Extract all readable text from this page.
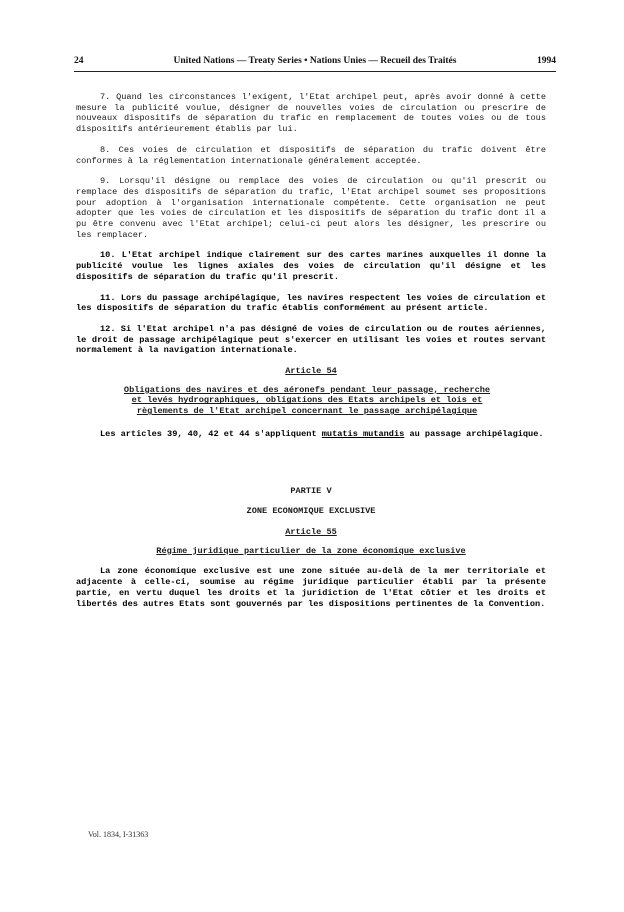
24	United Nations — Treaty Series • Nations Unies — Recueil des Traités	1994

7. Quand les circonstances l'exigent, l'Etat archipel peut, après avoir donné à cette mesure la publicité voulue, désigner de nouvelles voies de circulation ou prescrire de nouveaux dispositifs de séparation du trafic en remplacement de toutes voies ou de tous dispositifs antérieurement établis par lui.

8. Ces voies de circulation et dispositifs de séparation du trafic doivent être conformes à la réglementation internationale généralement acceptée.

9. Lorsqu'il désigne ou remplace des voies de circulation ou qu'il prescrit ou remplace des dispositifs de séparation du trafic, l'Etat archipel soumet ses propositions pour adoption à l'organisation internationale compétente. Cette organisation ne peut adopter que les voies de circulation et les dispositifs de séparation du trafic dont il a pu être convenu avec l'Etat archipel; celui-ci peut alors les désigner, les prescrire ou les remplacer.

10. L'Etat archipel indique clairement sur des cartes marines auxquelles il donne la publicité voulue les lignes axiales des voies de circulation qu'il désigne et les dispositifs de séparation du trafic qu'il prescrit.

11. Lors du passage archipélagique, les navires respectent les voies de circulation et les dispositifs de séparation du trafic établis conformément au présent article.

12. Si l'Etat archipel n'a pas désigné de voies de circulation ou de routes aériennes, le droit de passage archipélagique peut s'exercer en utilisant les voies et routes servant normalement à la navigation internationale.

Article 54

Obligations des navires et des aéronefs pendant leur passage, recherche et levés hydrographiques, obligations des Etats archipels et lois et règlements de l'Etat archipel concernant le passage archipélagique

Les articles 39, 40, 42 et 44 s'appliquent mutatis mutandis au passage archipélagique.

PARTIE V

ZONE ECONOMIQUE EXCLUSIVE

Article 55

Régime juridique particulier de la zone économique exclusive

La zone économique exclusive est une zone située au-delà de la mer territoriale et adjacente à celle-ci, soumise au régime juridique particulier établi par la présente partie, en vertu duquel les droits et la juridiction de l'Etat côtier et les droits et libertés des autres Etats sont gouvernés par les dispositions pertinentes de la Convention.

Vol. 1834, I-31363
